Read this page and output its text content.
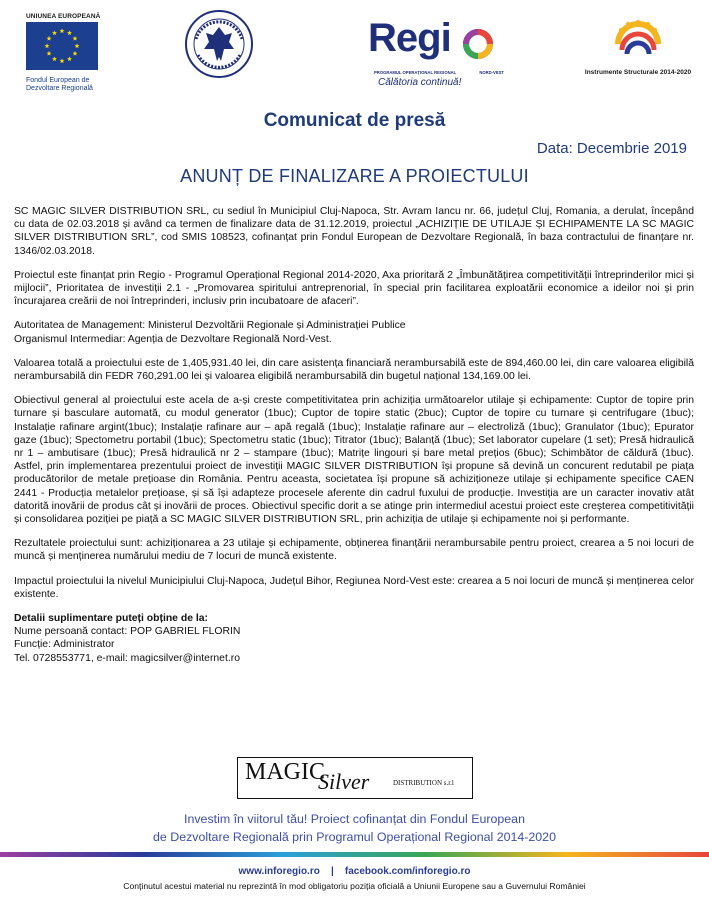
UNIUNEA EUROPEANĂ
Fondul European de Dezvoltare Regională
Regi
PROGRAMUL OPERAȚIONAL REGIONAL	NORD-VEST
Călătoria continuă!
Instrumente Structurale 2014-2020
Comunicat de presă
Data: Decembrie 2019
ANUNȚ DE FINALIZARE A PROIECTULUI

SC MAGIC SILVER DISTRIBUTION SRL, cu sediul în Municipiul Cluj-Napoca, Str. Avram Iancu nr. 66, județul Cluj, Romania, a derulat, începând cu data de 02.03.2018 și având ca termen de finalizare data de 31.12.2019, proiectul „ACHIZIȚIE DE UTILAJE ȘI ECHIPAMENTE LA SC MAGIC SILVER DISTRIBUTION SRL”, cod SMIS 108523, cofinanțat prin Fondul European de Dezvoltare Regională, în baza contractului de finanțare nr. 1346/02.03.2018.

Proiectul este finanțat prin Regio - Programul Operațional Regional 2014-2020, Axa prioritară 2 „Îmbunătățirea competitivității întreprinderilor mici și mijlocii”, Prioritatea de investiții 2.1 - „Promovarea spiritului antreprenorial, în special prin facilitarea exploatării economice a ideilor noi și prin încurajarea creării de noi întreprinderi, inclusiv prin incubatoare de afaceri”.

Autoritatea de Management: Ministerul Dezvoltării Regionale și Administrației Publice

Organismul Intermediar: Agenția de Dezvoltare Regională Nord-Vest.

Valoarea totală a proiectului este de 1,405,931.40 lei, din care asistența financiară nerambursabilă este de 894,460.00 lei, din care valoarea eligibilă nerambursabilă din FEDR 760,291.00 lei și valoarea eligibilă nerambursabilă din bugetul național 134,169.00 lei.

Obiectivul general al proiectului este acela de a-și creste competitivitatea prin achiziția următoarelor utilaje și echipamente: Cuptor de topire prin turnare și basculare automată, cu modul generator (1buc); Cuptor de topire static (2buc); Cuptor de topire cu turnare și centrifugare (1buc); Instalație rafinare argint(1buc); Instalație rafinare aur – apă regală (1buc); Instalație rafinare aur – electroliză (1buc); Granulator (1buc); Epurator gaze (1buc); Spectometru portabil (1buc); Spectometru static (1buc); Titrator (1buc); Balanță (1buc); Set laborator cupelare (1 set); Presă hidraulică nr 1 – ambutisare (1buc); Presă hidraulică nr 2 – stampare (1buc); Matrițe lingouri și bare metal prețios (6buc); Schimbător de căldură (1buc). Astfel, prin implementarea prezentului proiect de investiții MAGIC SILVER DISTRIBUTION își propune să devină un concurent redutabil pe piața producătorilor de metale prețioase din România. Pentru aceasta, societatea își propune să achiziționeze utilaje și echipamente specifice CAEN 2441 - Producția metalelor prețioase, și să își adapteze procesele aferente din cadrul fuxului de producție. Investiția are un caracter inovativ atât datorită inovării de produs cât și inovării de proces. Obiectivul specific dorit a se atinge prin intermediul acestui proiect este creșterea competitivității și consolidarea poziției pe piață a SC MAGIC SILVER DISTRIBUTION SRL, prin achiziția de utilaje și echipamente noi și performante.

Rezultatele proiectului sunt: achiziționarea a 23 utilaje și echipamente, obținerea finanțării nerambursabile pentru proiect, crearea a 5 noi locuri de muncă și menținerea numărului mediu de 7 locuri de muncă existente.

Impactul proiectului la nivelul Municipiului Cluj-Napoca, Județul Bihor, Regiunea Nord-Vest este: crearea a 5 noi locuri de muncă și menținerea celor existente.

Detalii suplimentare puteți obține de la:

Nume persoană contact: POP GABRIEL FLORIN

Funcție: Administrator

Tel. 0728553771, e-mail: magicsilver@internet.ro

MAGIC
Silver	DISTRIBUTION s.r.l
Investim în viitorul tău! Proiect cofinanțat din Fondul European
de Dezvoltare Regională prin Programul Operațional Regional 2014-2020
www.inforegio.ro | facebook.com/inforegio.ro
Conținutul acestui material nu reprezintă în mod obligatoriu poziția oficială a Uniunii Europene sau a Guvernului României
